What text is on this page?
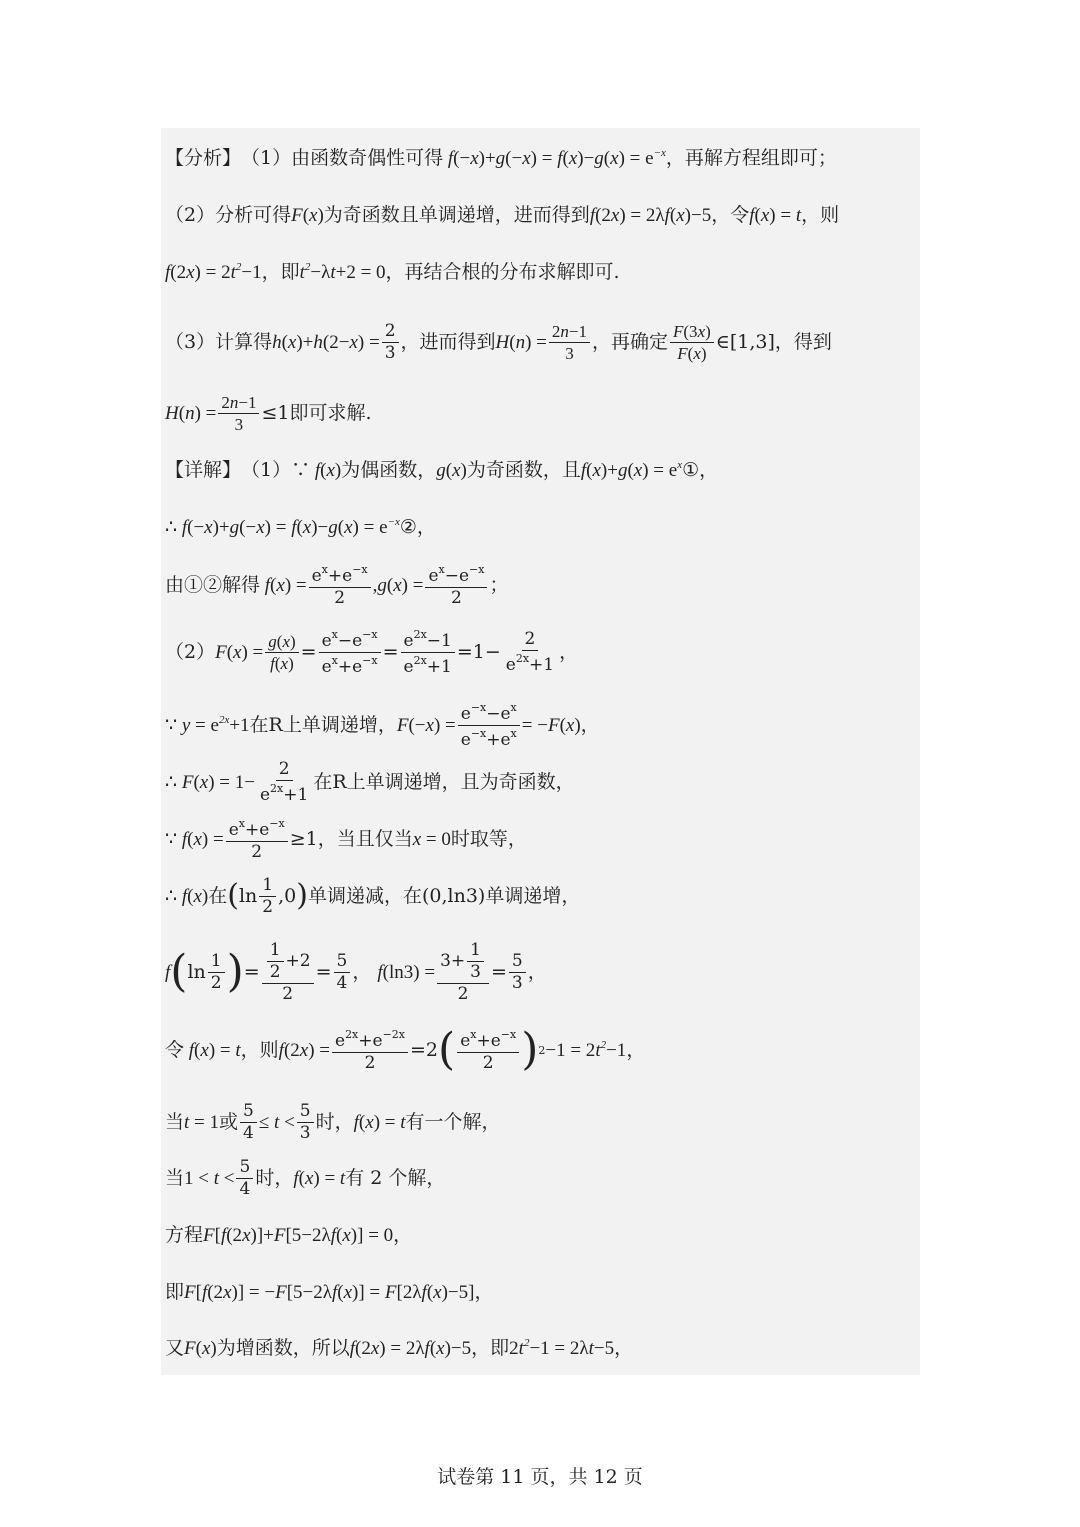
【分析】 （1）由函数奇偶性可得 $f(-x)+g(-x) = f(x)-g(x) = e^{-x}$ ，再解方程组即可；
（2）分析可得 F(x) 为奇函数且单调递增，进而得到 f(2x) = 2λf(x)−5 ，令 f(x) = t ，则
$f(2x) = 2t^2-1$ ，即 $t^2-\lambda t+2 = 0$ ，再结合根的分布求解即可.
（3）计算得 $h(x)+h(2-x) = \frac{2}{3}$ ，进而得到 $H(n) = \frac{2n-1}{3}$ ，再确定 $\frac{F(3x)}{F(x)}$ ∈[1,3] ，得到
$H(n) = \frac{2n-1}{3} \le 1$ 即可求解.
【详解】 （1）∵ f(x) 为偶函数， g(x) 为奇函数，且 $f(x)+g(x) = e^x$ ①，
∴ $f(-x)+g(-x) = f(x)-g(x) = e^{-x}$ ②，
由①②解得 $f(x) = \frac{e^x+e^{-x}}{2} ,g(x) = \frac{e^x-e^{-x}}{2}$ ；
（2） $F(x) = \frac{g(x)}{f(x)} = \frac{e^x-e^{-x}}{e^x+e^{-x}} = \frac{e^{2x}-1}{e^{2x}+1} =1- \frac{2}{e^{2x}+1}$ ，
∵ $y = e^{2x}+1$ 在R上单调递增， $F(-x) = \frac{e^{-x}-e^x}{e^{-x}+e^x} = -F(x)$ ，
∴ $F(x) = 1- \frac{2}{e^{2x}+1}$ 在R上单调递增，且为奇函数，
∵ $f(x) = \frac{e^x+e^{-x}}{2} \ge 1$ ，当且仅当 x = 0 时取等，
∴ f(x) 在 ( $\ln \frac{1}{2} ,0$ ) 单调递减，在 (0,ln3) 单调递增，
f ( $\ln \frac{1}{2}$ ) = $\frac{\frac{1}{2} +2}{2} = \frac{5}{4}$ ， $f(\ln 3) = \frac{3+ \frac{1}{3}}{2} = \frac{5}{3}$ ，
令 f(x) = t ，则 $f(2x) = \frac{e^{2x}+e^{-2x}}{2} =2$ ( $\frac{e^x+e^{-x}}{2}$ ) $2 -1 = 2t^2-1$ ，
当 t = 1 或 $\frac{5}{4} \le t < \frac{5}{3}$ 时， f(x) = t 有一个解，
当 $1 < t < \frac{5}{4}$ 时， f(x) = t 有 2 个解，
方程 F[f(2x)]+F[5−2λf(x)] = 0 ，
即 F[f(2x)] = −F[5−2λf(x)] = F[2λf(x)−5] ，
又 F(x) 为增函数，所以 f(2x) = 2λf(x)−5 ，即 $2t^2-1 = 2\lambda t-5$ ，
试卷第 11 页，共 12 页
